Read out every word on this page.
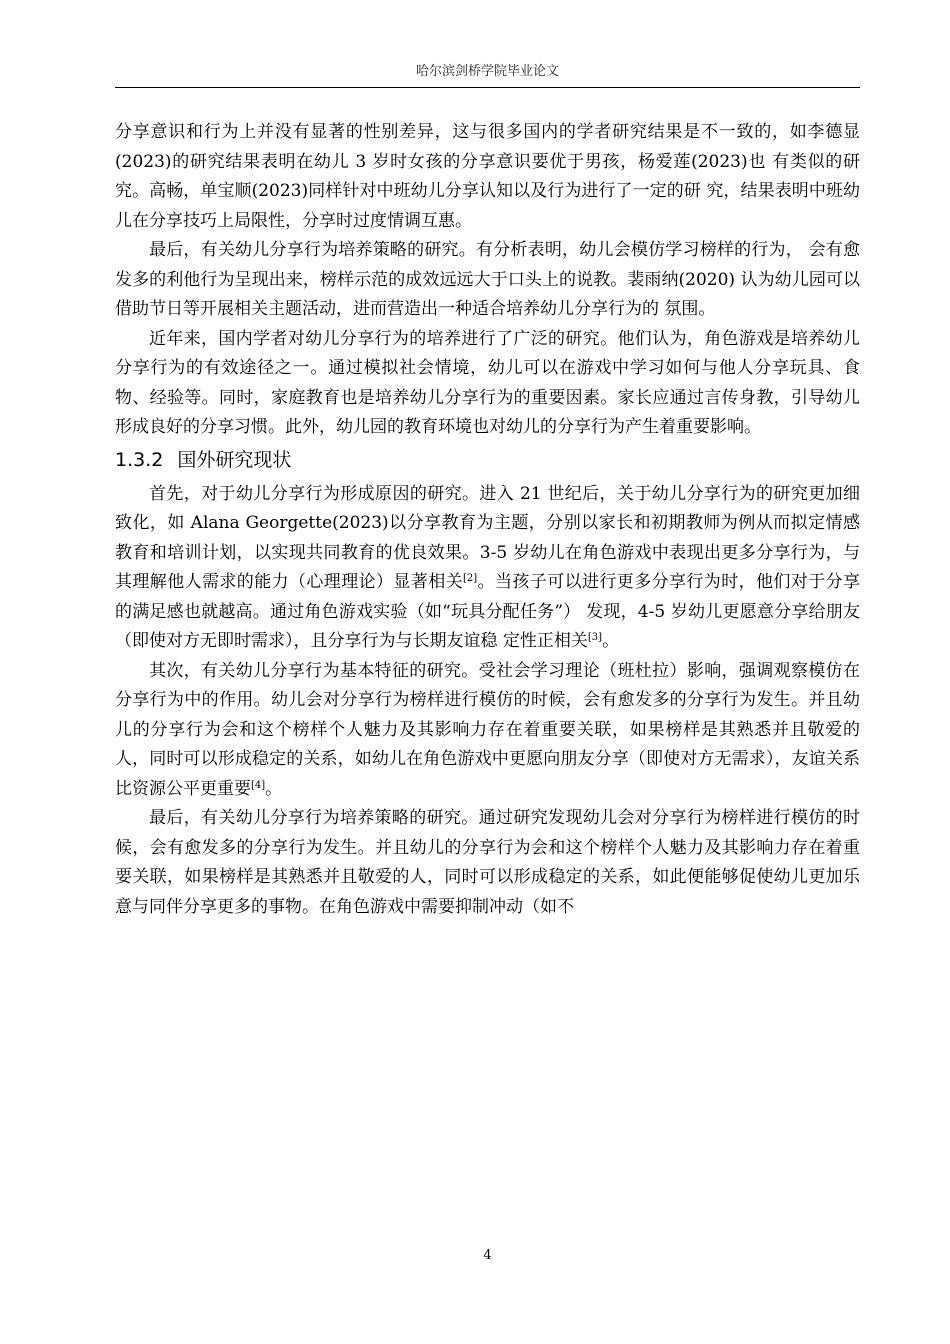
哈尔滨剑桥学院毕业论文

分享意识和行为上并没有显著的性别差异，这与很多国内的学者研究结果是不一致的，如李德显(2023)的研究结果表明在幼儿 3 岁时女孩的分享意识要优于男孩，杨爱莲(2023)也 有类似的研究。高畅，单宝顺(2023)同样针对中班幼儿分享认知以及行为进行了一定的研 究，结果表明中班幼儿在分享技巧上局限性，分享时过度情调互惠。

最后，有关幼儿分享行为培养策略的研究。有分析表明，幼儿会模仿学习榜样的行为， 会有愈发多的利他行为呈现出来，榜样示范的成效远远大于口头上的说教。裴雨纳(2020) 认为幼儿园可以借助节日等开展相关主题活动，进而营造出一种适合培养幼儿分享行为的 氛围。

近年来，国内学者对幼儿分享行为的培养进行了广泛的研究。他们认为，角色游戏是培养幼儿分享行为的有效途径之一。通过模拟社会情境，幼儿可以在游戏中学习如何与他人分享玩具、食物、经验等。同时，家庭教育也是培养幼儿分享行为的重要因素。家长应通过言传身教，引导幼儿形成良好的分享习惯。此外，幼儿园的教育环境也对幼儿的分享行为产生着重要影响。

1.3.2 国外研究现状

首先，对于幼儿分享行为形成原因的研究。进入 21 世纪后，关于幼儿分享行为的研究更加细致化，如 Alana Georgette(2023)以分享教育为主题，分别以家长和初期教师为例从而拟定情感教育和培训计划，以实现共同教育的优良效果。3-5 岁幼儿在角色游戏中表现出更多分享行为，与其理解他人需求的能力（心理理论）显著相关[2]。当孩子可以进行更多分享行为时，他们对于分享的满足感也就越高。通过角色游戏实验（如“玩具分配任务”） 发现，4-5 岁幼儿更愿意分享给朋友（即使对方无即时需求），且分享行为与长期友谊稳 定性正相关[3]。

其次，有关幼儿分享行为基本特征的研究。受社会学习理论（班杜拉）影响，强调观察模仿在分享行为中的作用。幼儿会对分享行为榜样进行模仿的时候，会有愈发多的分享行为发生。并且幼儿的分享行为会和这个榜样个人魅力及其影响力存在着重要关联，如果榜样是其熟悉并且敬爱的人，同时可以形成稳定的关系，如幼儿在角色游戏中更愿向朋友分享（即使对方无需求），友谊关系比资源公平更重要[4]。

最后，有关幼儿分享行为培养策略的研究。通过研究发现幼儿会对分享行为榜样进行模仿的时候，会有愈发多的分享行为发生。并且幼儿的分享行为会和这个榜样个人魅力及其影响力存在着重要关联，如果榜样是其熟悉并且敬爱的人，同时可以形成稳定的关系，如此便能够促使幼儿更加乐意与同伴分享更多的事物。在角色游戏中需要抑制冲动（如不

4
